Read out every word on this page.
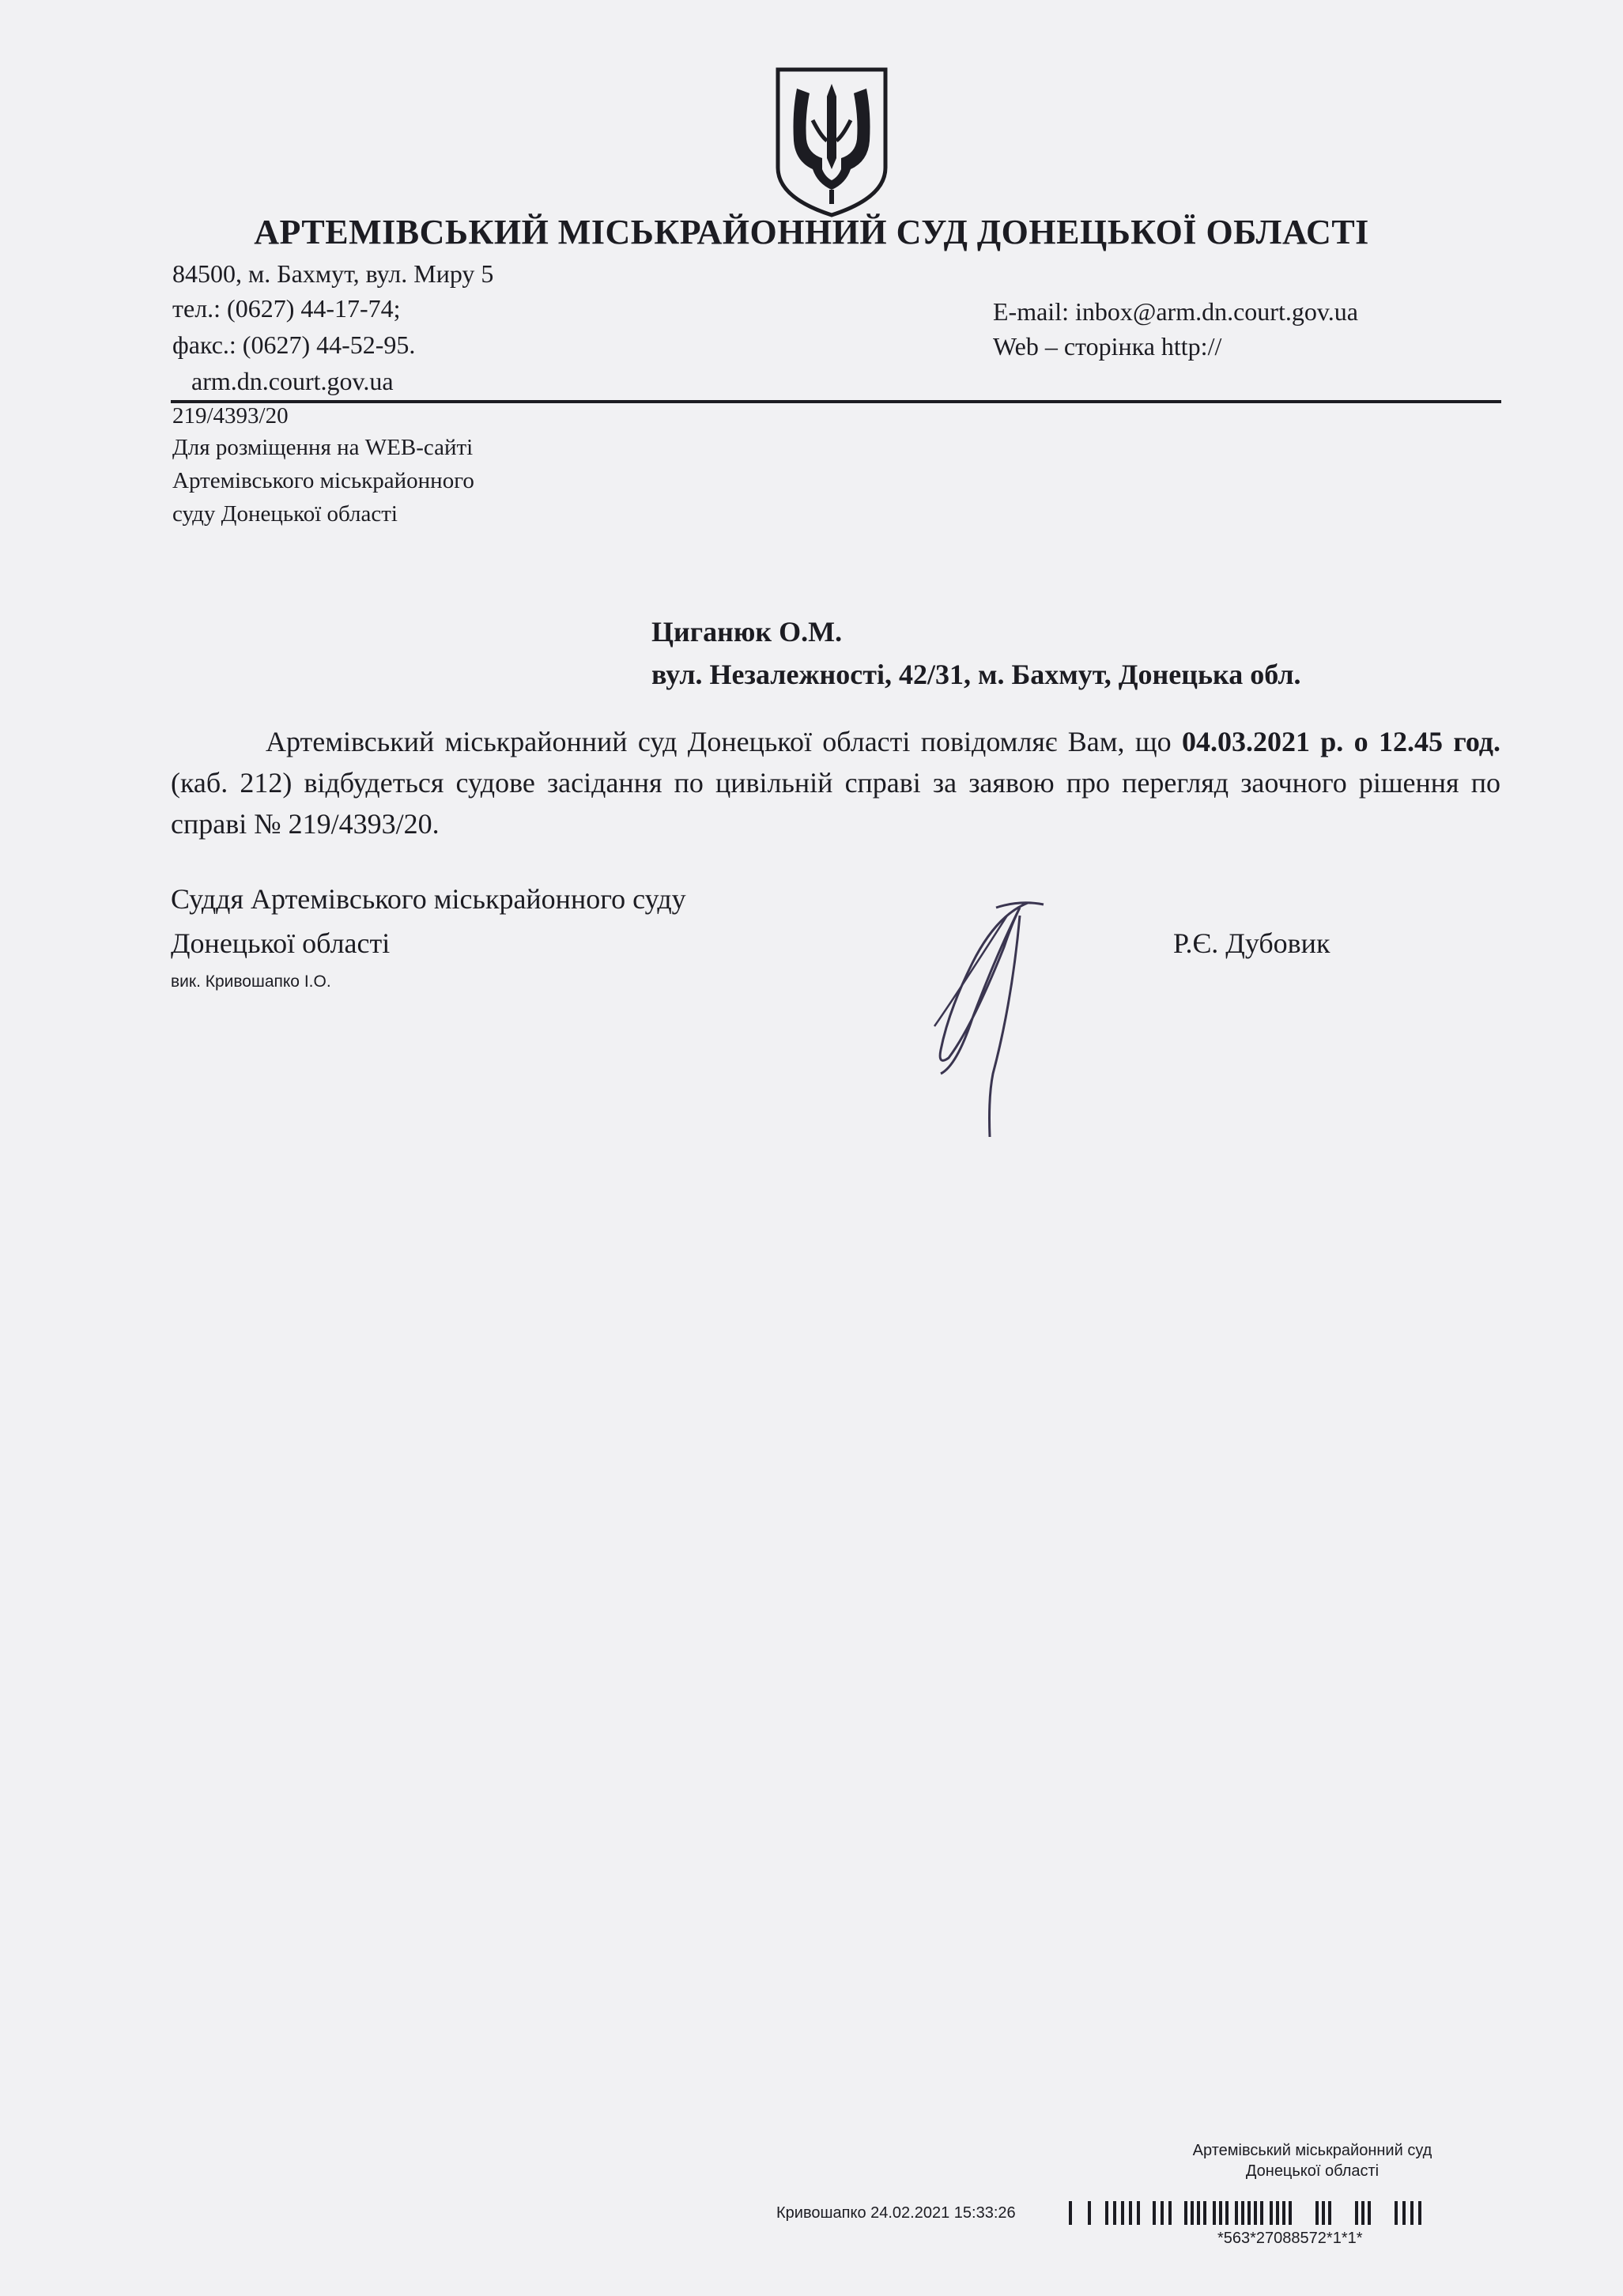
АРТЕМІВСЬКИЙ МІСЬКРАЙОННИЙ СУД ДОНЕЦЬКОЇ ОБЛАСТІ
84500, м. Бахмут, вул. Миру 5
тел.: (0627) 44-17-74;
факс.: (0627) 44-52-95.
arm.dn.court.gov.ua
E-mail: inbox@arm.dn.court.gov.ua
Web – сторінка http://
219/4393/20
Для розміщення на WEB-сайті
Артемівського міськрайонного
суду Донецької області
Циганюк О.М.
вул. Незалежності, 42/31, м. Бахмут, Донецька обл.
Артемівський міськрайонний суд Донецької області повідомляє Вам, що 04.03.2021 р. о 12.45 год. (каб. 212) відбудеться судове засідання по цивільній справі за заявою про перегляд заочного рішення по справі № 219/4393/20.
Суддя Артемівського міськрайонного суду
Донецької області
вик. Кривошапко І.О.
Р.Є. Дубовик
Артемівський міськрайонний суд
Донецької області
Кривошапко 24.02.2021 15:33:26
*563*27088572*1*1*
